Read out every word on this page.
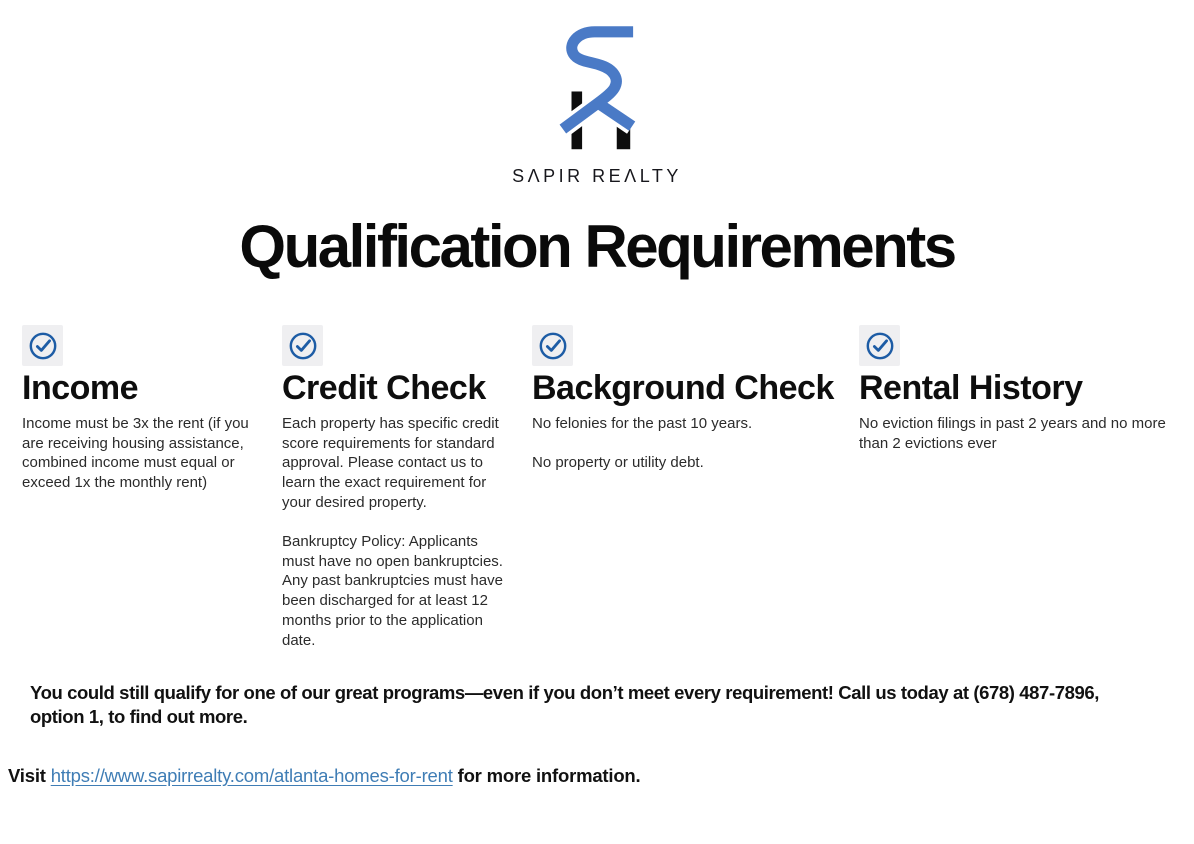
SΛPIR REΛLTY
Qualification Requirements
Income

Income must be 3x the rent (if you are receiving housing assistance, combined income must equal or exceed 1x the monthly rent)

Credit Check

Each property has specific credit score requirements for standard approval. Please contact us to learn the exact requirement for your desired property.

Bankruptcy Policy: Applicants must have no open bankruptcies. Any past bankruptcies must have been discharged for at least 12 months prior to the application date.

Background Check

No felonies for the past 10 years.

No property or utility debt.

Rental History

No eviction filings in past 2 years and no more than 2 evictions ever

You could still qualify for one of our great programs—even if you don’t meet every requirement! Call us today at (678) 487-7896,
option 1, to find out more.

Visit https://www.sapirrealty.com/atlanta-homes-for-rent for more information.
